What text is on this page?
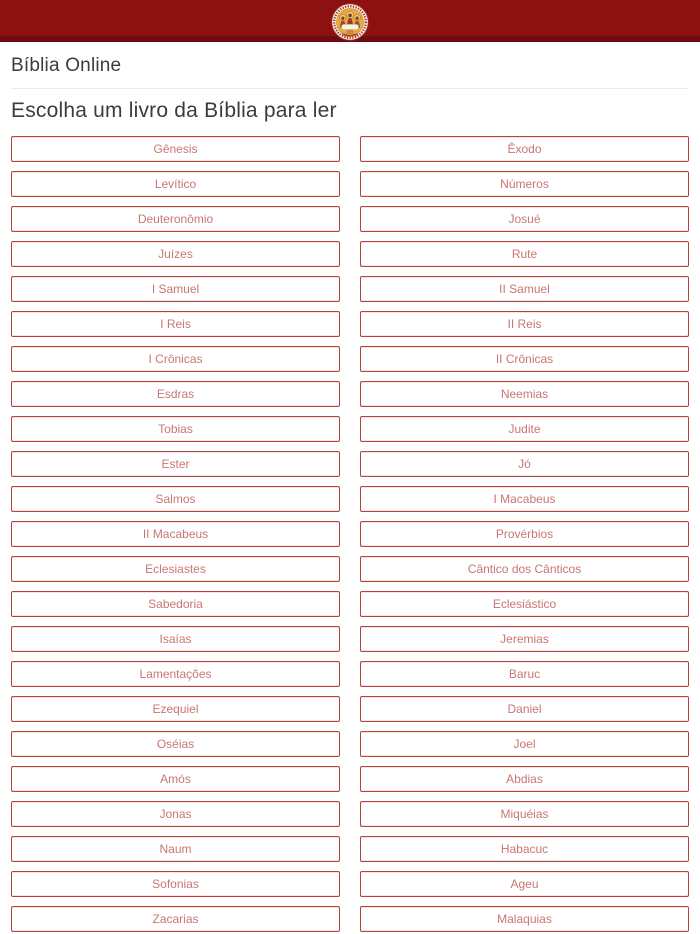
Bíblia Online
Escolha um livro da Bíblia para ler
Gênesis	Êxodo
Levítico	Números
Deuteronômio	Josué
Juízes	Rute
I Samuel	II Samuel
I Reis	II Reis
I Crônicas	II Crônicas
Esdras	Neemias
Tobias	Judite
Ester	Jó
Salmos	I Macabeus
II Macabeus	Provérbios
Eclesiastes	Cântico dos Cânticos
Sabedoria	Eclesiástico
Isaías	Jeremias
Lamentações	Baruc
Ezequiel	Daniel
Oséias	Joel
Amós	Abdias
Jonas	Miquéias
Naum	Habacuc
Sofonias	Ageu
Zacarias	Malaquias
